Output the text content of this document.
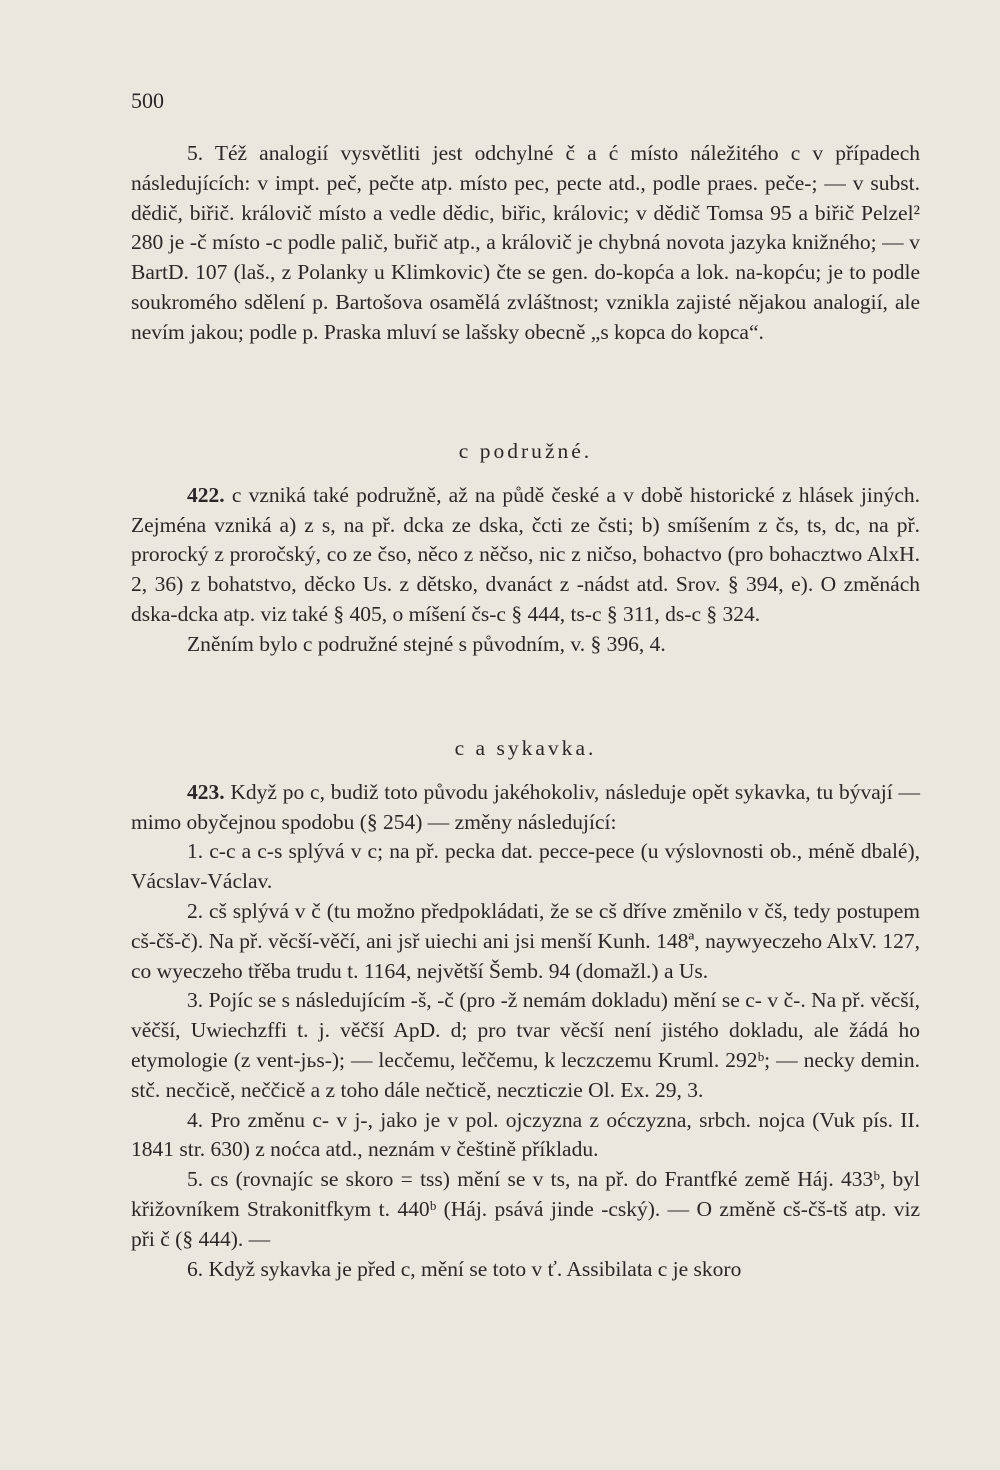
500

5. Též analogií vysvětliti jest odchylné č a ć místo náležitého c v případech následujících: v impt. peč, pečte atp. místo pec, pecte atd., podle praes. peče-; — v subst. dědič, biřič. královič místo a vedle dědic, biřic, královic; v dědič Tomsa 95 a biřič Pelzel² 280 je -č místo -c podle palič, buřič atp., a královič je chybná novota jazyka knižného; — v BartD. 107 (laš., z Polanky u Klimkovic) čte se gen. do-kopća a lok. na-kopću; je to podle soukromého sdělení p. Bartošova osamělá zvláštnost; vznikla zajisté nějakou analogií, ale nevím jakou; podle p. Praska mluví se lašsky obecně „s kopca do kopca“.

c podružné.

422. c vzniká také podružně, až na půdě české a v době historické z hlásek jiných. Zejména vzniká a) z s, na př. dcka ze dska, čcti ze čsti; b) smíšením z čs, ts, dc, na př. prorocký z proročský, co ze čso, něco z něčso, nic z ničso, bohactvo (pro bohacztwo AlxH. 2, 36) z bohatstvo, děcko Us. z dětsko, dvanáct z -nádst atd. Srov. § 394, e). O změnách dska-dcka atp. viz také § 405, o míšení čs-c § 444, ts-c § 311, ds-c § 324.

Zněním bylo c podružné stejné s původním, v. § 396, 4.

c a sykavka.

423. Když po c, budiž toto původu jakéhokoliv, následuje opět sykavka, tu bývají — mimo obyčejnou spodobu (§ 254) — změny následující:

1. c-c a c-s splývá v c; na př. pecka dat. pecce-pece (u výslovnosti ob., méně dbalé), Vácslav-Václav.

2. cš splývá v č (tu možno předpokládati, že se cš dříve změnilo v čš, tedy postupem cš-čš-č). Na př. věcší-věčí, ani jsř uiechi ani jsi menší Kunh. 148ª, naywyeczeho AlxV. 127, co wyeczeho třěba trudu t. 1164, největší Šemb. 94 (domažl.) a Us.

3. Pojíc se s následujícím -š, -č (pro -ž nemám dokladu) mění se c- v č-. Na př. věcší, věčší, Uwiechzffi t. j. věčší ApD. d; pro tvar věcší není jistého dokladu, ale žádá ho etymologie (z vent-jьs-); — lecčemu, leččemu, k leczczemu Kruml. 292ᵇ; — necky demin. stč. necčicě, neččicě a z toho dále nečticě, neczticzie Ol. Ex. 29, 3.

4. Pro změnu c- v j-, jako je v pol. ojczyzna z oćczyzna, srbch. nojca (Vuk pís. II. 1841 str. 630) z nоćca atd., neznám v češtině příkladu.

5. cs (rovnajíc se skoro = tss) mění se v ts, na př. do Frantfké země Háj. 433ᵇ, byl křižovníkem Strakonitfkym t. 440ᵇ (Háj. psává jinde -cský). — O změně cš-čš-tš atp. viz při č (§ 444). —

6. Když sykavka je před c, mění se toto v ť. Assibilata c je skoro
